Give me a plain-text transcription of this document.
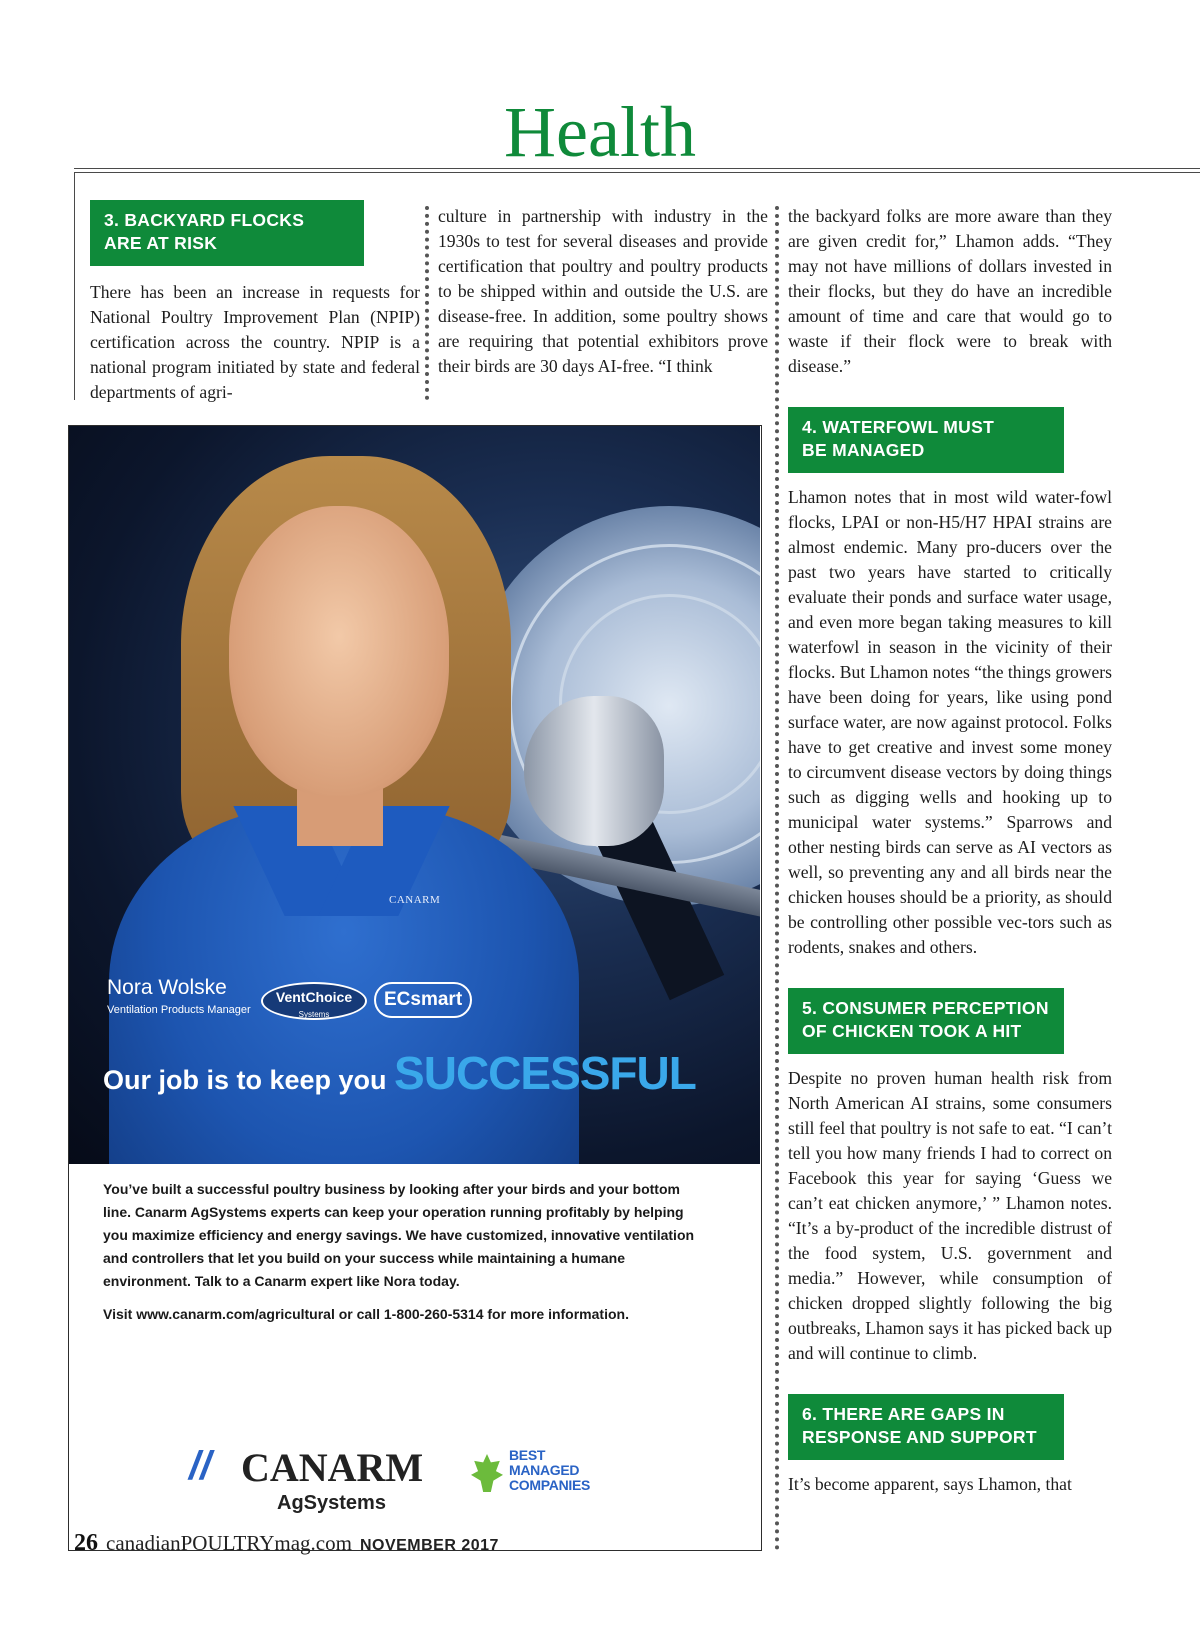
Health
3. BACKYARD FLOCKS
ARE AT RISK

There has been an increase in requests for National Poultry Improvement Plan (NPIP) certification across the country. NPIP is a national program initiated by state and federal departments of agri-

culture in partnership with industry in the 1930s to test for several diseases and provide certification that poultry and poultry products to be shipped within and outside the U.S. are disease-free. In addition, some poultry shows are requiring that potential exhibitors prove their birds are 30 days AI-free. “I think

the backyard folks are more aware than they are given credit for,” Lhamon adds. “They may not have millions of dollars invested in their flocks, but they do have an incredible amount of time and care that would go to waste if their flock were to break with disease.”

4. WATERFOWL MUST
BE MANAGED

Lhamon notes that in most wild water-fowl flocks, LPAI or non-H5/H7 HPAI strains are almost endemic. Many pro-ducers over the past two years have started to critically evaluate their ponds and surface water usage, and even more began taking measures to kill waterfowl in season in the vicinity of their flocks. But Lhamon notes “the things growers have been doing for years, like using pond surface water, are now against protocol. Folks have to get creative and invest some money to circumvent disease vectors by doing things such as digging wells and hooking up to municipal water systems.” Sparrows and other nesting birds can serve as AI vectors as well, so preventing any and all birds near the chicken houses should be a priority, as should be controlling other possible vec-tors such as rodents, snakes and others.

5. CONSUMER PERCEPTION
OF CHICKEN TOOK A HIT

Despite no proven human health risk from North American AI strains, some consumers still feel that poultry is not safe to eat. “I can’t tell you how many friends I had to correct on Facebook this year for saying ‘Guess we can’t eat chicken anymore,’ ” Lhamon notes. “It’s a by-product of the incredible distrust of the food system, U.S. government and media.” However, while consumption of chicken dropped slightly following the big outbreaks, Lhamon says it has picked back up and will continue to climb.

6. THERE ARE GAPS IN
RESPONSE AND SUPPORT

It’s become apparent, says Lhamon, that

CANARM
Nora Wolske
Ventilation Products Manager
VentChoice
Systems
ECsmart
Our job is to keep you SUCCESSFUL
You’ve built a successful poultry business by looking after your birds and your bottom line. Canarm AgSystems experts can keep your operation running profitably by helping you maximize efficiency and energy savings. We have customized, innovative ventilation and controllers that let you build on your success while maintaining a humane environment. Talk to a Canarm expert like Nora today.
Visit www.canarm.com/agricultural or call 1-800-260-5314 for more information.
// CANARM
AgSystems
BEST
MANAGED
COMPANIES
26 canadianPOULTRYmag.com NOVEMBER 2017
